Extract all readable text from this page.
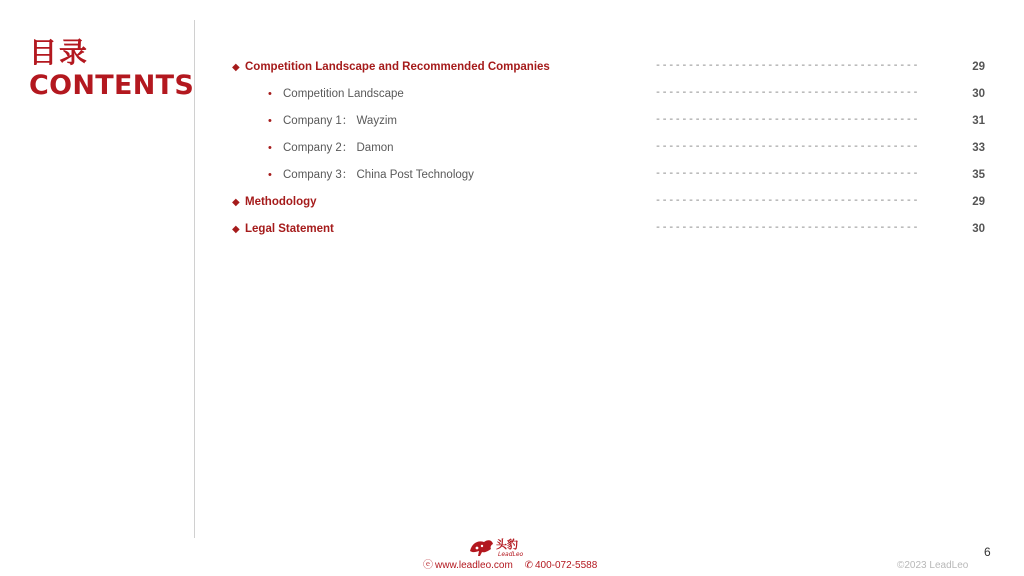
目录
CONTENTS
◆ Competition Landscape and Recommended Companies	----------------------------------------	29
• Competition Landscape	----------------------------------------	30
• Company 1： Wayzim	----------------------------------------	31
• Company 2： Damon	----------------------------------------	33
• Company 3： China Post Technology	----------------------------------------	35
◆ Methodology	----------------------------------------	29
◆ Legal Statement	----------------------------------------	30
头豹
LeadLeo
ⓔ www.leadleo.com ✆ 400-072-5588
6
©2023 LeadLeo
